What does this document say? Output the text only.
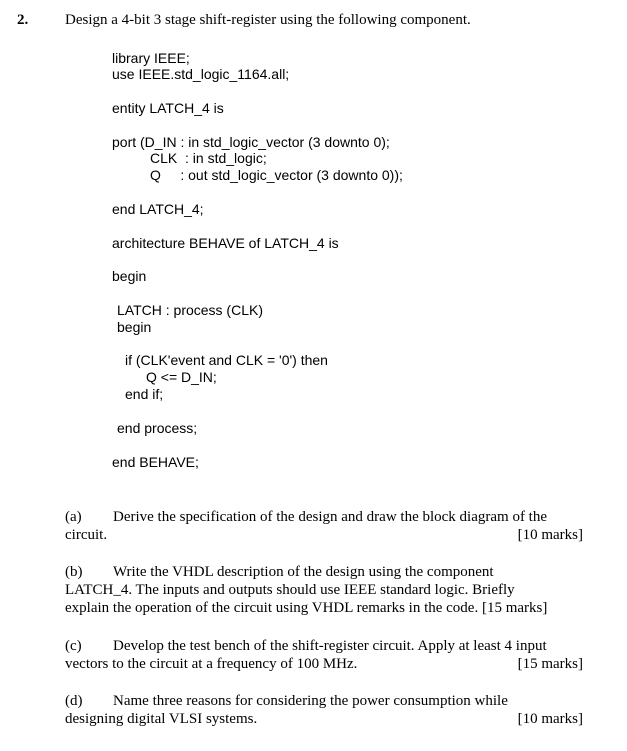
2. Design a 4-bit 3 stage shift-register using the following component.
library IEEE;
use IEEE.std_logic_1164.all;
entity LATCH_4 is
port (D_IN : in std_logic_vector (3 downto 0);
CLK  : in std_logic;
Q     : out std_logic_vector (3 downto 0));
end LATCH_4;
architecture BEHAVE of LATCH_4 is
begin
LATCH : process (CLK)
begin
if (CLK'event and CLK = '0') then
Q <= D_IN;
end if;
end process;
end BEHAVE;
(a) Derive the specification of the design and draw the block diagram of the
circuit.	[10 marks]
(b) Write the VHDL description of the design using the component
LATCH_4. The inputs and outputs should use IEEE standard logic. Briefly
explain the operation of the circuit using VHDL remarks in the code. [15 marks]
(c) Develop the test bench of the shift-register circuit. Apply at least 4 input
vectors to the circuit at a frequency of 100 MHz.	[15 marks]
(d) Name three reasons for considering the power consumption while
designing digital VLSI systems.	[10 marks]
